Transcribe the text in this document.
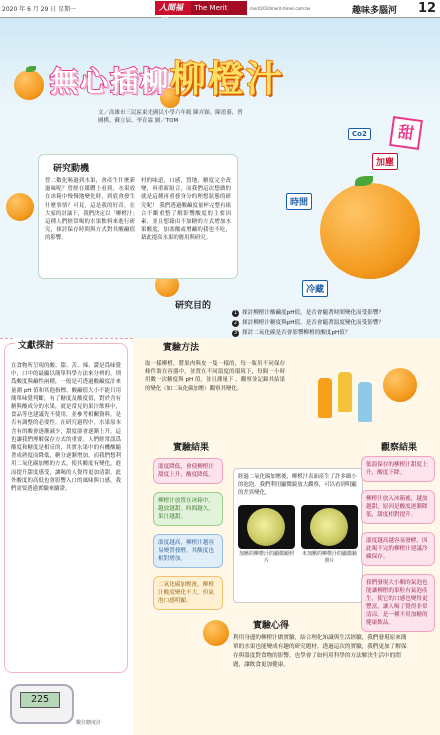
2020 年 6 月 29 日 星期一	人間福	The Merit	merit2010merit-times.com.tw	趣味多腦河 12
無心插柳柳橙汁
文／高雄市三民區東光國民小學六年級 陳卉穎、陳盈蓁、曾國棋、蘇立辰、李育霖 圖／TOM
研究動機

曾二數化喝過到水果，會產生什麼新滋味呢？曾經在媒體上看到，水果放在冰箱中慢慢地變化時，到底會發生什麼事情？可見，這是我的好奇。在大家的討論下，我們決定以「柳橙汁」這種人們經常喝的水果飲料來進行研究，探討保存時間與方式對其酸鹼值的影響。

村的味道，口感，質地，糖度完全改變，再重新組合，而我們這次想做的就是這種再重發身分的理想狀態的研究呢！ 我們透過酸鹼度量杯完整有組合不斷重整了解影響酸度的主要因素，並且想藉由不加糖的方式增加水果酸度，加塞酸或增鹼的我也不吃，藉此提高水果的應用與研究。

時間
加塵
冷藏
Co2	甜
研究目的
1 探討柳橙汁酸鹼度pH值，是否會隨著時間變化而受影響？
2 探討柳橙汁糖度與pH值，是否會隨著溫度變化而受影響？
3 探討二氧化碳是否會影響柳橙的酸度pH值？
文獻探討

在食物所呈現的酸、甜、苦、辣、澀是爲味覺中，口中的最顯以簡單科學方法來分辨的，則爲酸度與鹼性兩種，一般是可透過酸鹼度計來量測 pH 值和其他指標。酸鹼值大小不能只用簡單味覺判斷，有了糖度及酸度值，對於含有糖與酸成分的水果，就是常見的果汁飲料中，食品等也建議先不使用，並參考相關資料，是否有調整的必要性。在研究過程中，水果原本含有的酸會逐漸減少，甜度卻會逐漸上升，這也讓我們理解保存方式的重要。人們經常認爲酸度和糖度是相反的，其實水果中的有機酸隨著成熟度而降低，糖分逐漸增加，而我們想利用二氧化碳加壓的方式，使其酸度有變化，進而提升甜度感受，讓喝的人覺得更加清甜。此外酸度的高低也會影響入口的風味與口感，我們需要透過實驗來驗證。

225
數位糖度計
實驗方法

取一樣柳橙，將果肉與皮一隻一樣的，每一瓶用不同保存條件裝在容器中，並置在不同溫度的環境下，每隔一小時用數一次糖度與 pH 值，並且測量下 ，觀察並記錄其結果的變化（如二氧化碳加壓）觀察其變化。

實驗結果
溫度降低，會使柳橙汁甜度上升、酸度降低。
柳橙汁放置在冰箱中，越放越甜。時間越久，果汁越甜。
溫度越高，柳橙汁越容易變質發酵，其酸度也相對增加。
二氧化碳加壓後，柳橙汁酸度變化不大，但氣泡口感明顯。

經過二氧化碳加壓後，柳橙汁表面產生了許多細小的泡泡，我們利用顯微鏡放大觀察，可以看到明顯的差異變化。

加壓的柳橙汁的顯微鏡照片
未加壓的柳橙汁的顯微鏡照片
觀察結果
低溫保存的柳橙汁甜度上升，酸度下降。
柳橙汁放入冰箱後，越放越甜，原因是酸度逐漸降低，甜度相對提升。
溫度越高越容易發酵，因此喝不完的柳橙汁建議冷藏保存。
我們發現大小顆的氣泡也能讓柳橙的果粒有氣泡產生，使它的口感也變得更豐富，讓人喝了覺得非常清涼，是一種不用加糖的健康飲品。
實驗心得

利用身邊的柳橙汁做實驗，結合理化知識與生活經驗，我們發現原來簡單的水果也能變成有趣的研究題材。透過這次的實驗，我們更加了解保存與溫度對食物的影響，也學會了如何用科學的方法解決生活中的問題，讓飲食更加健康。
